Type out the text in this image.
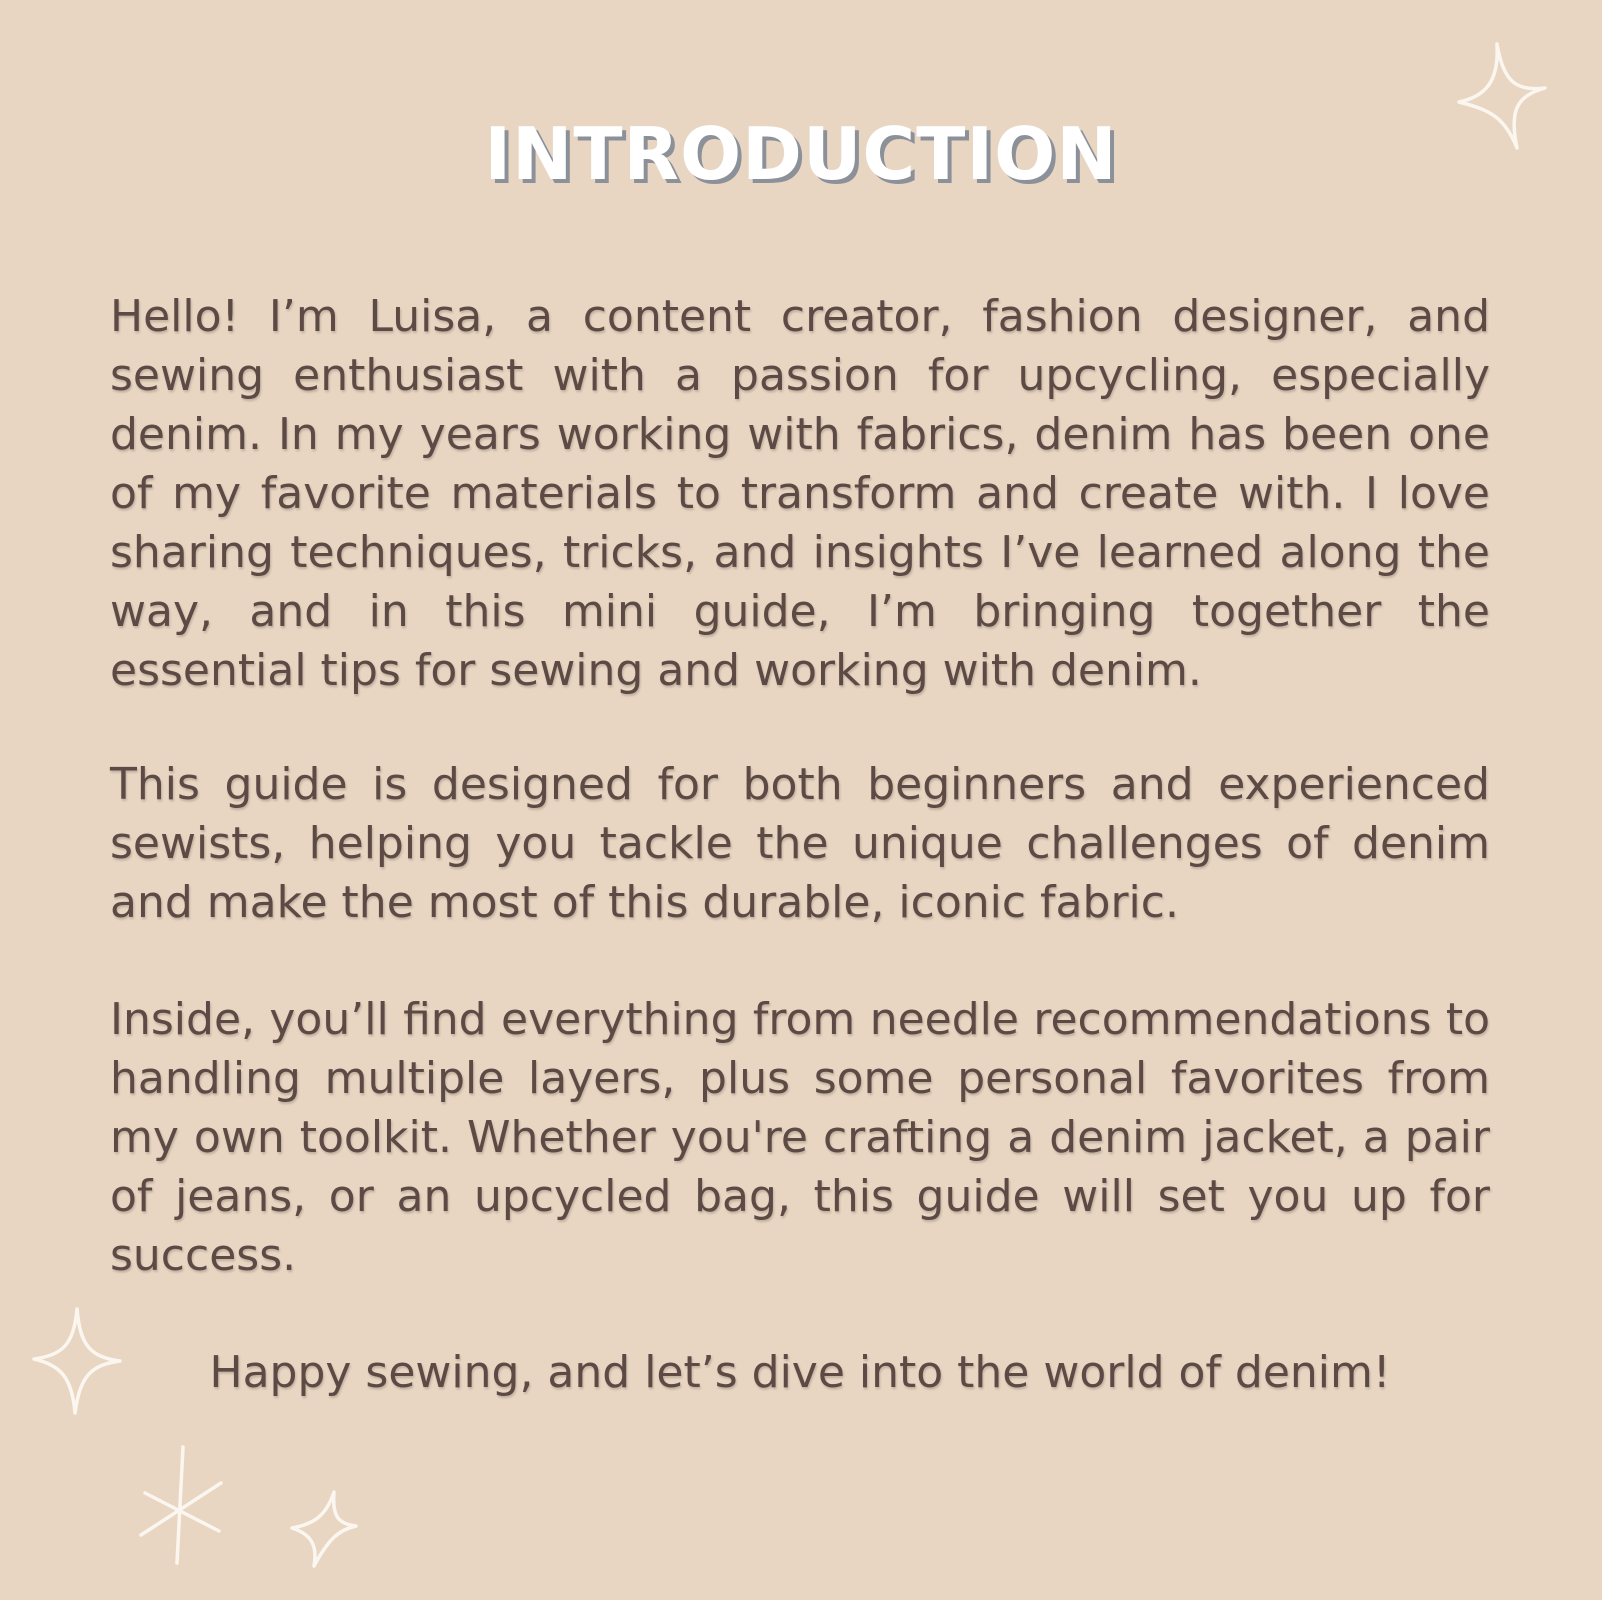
INTRODUCTION

Hello! I’m Luisa, a content creator, fashion designer, and sewing enthusiast with a passion for upcycling, especially denim. In my years working with fabrics, denim has been one of my favorite materials to transform and create with. I love sharing techniques, tricks, and insights I’ve learned along the way, and in this mini guide, I’m bringing together the essential tips for sewing and working with denim.

This guide is designed for both beginners and experienced sewists, helping you tackle the unique challenges of denim and make the most of this durable, iconic fabric.

Inside, you’ll find everything from needle recommendations to handling multiple layers, plus some personal favorites from my own toolkit. Whether you're crafting a denim jacket, a pair of jeans, or an upcycled bag, this guide will set you up for success.

Happy sewing, and let’s dive into the world of denim!
